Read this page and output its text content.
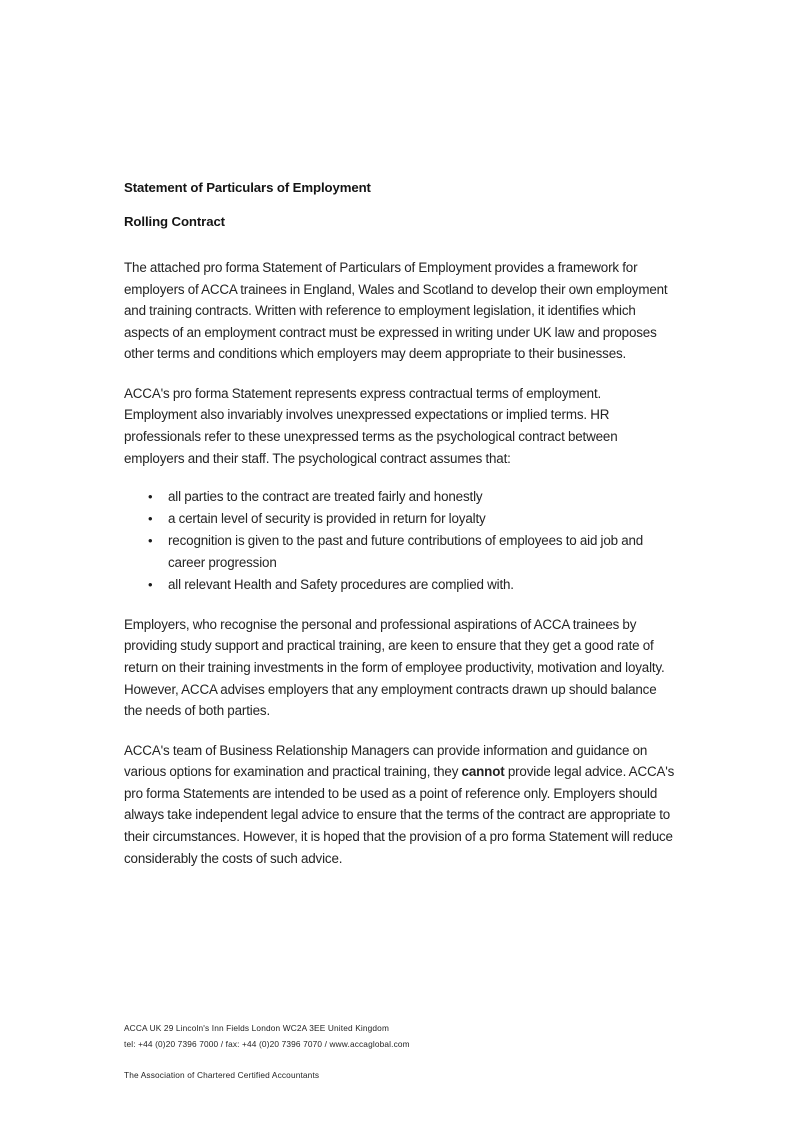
Statement of Particulars of Employment
Rolling Contract

The attached pro forma Statement of Particulars of Employment provides a framework for employers of ACCA trainees in England, Wales and Scotland to develop their own employment and training contracts. Written with reference to employment legislation, it identifies which aspects of an employment contract must be expressed in writing under UK law and proposes other terms and conditions which employers may deem appropriate to their businesses.

ACCA's pro forma Statement represents express contractual terms of employment. Employment also invariably involves unexpressed expectations or implied terms. HR professionals refer to these unexpressed terms as the psychological contract between employers and their staff. The psychological contract assumes that:

• all parties to the contract are treated fairly and honestly
• a certain level of security is provided in return for loyalty
• recognition is given to the past and future contributions of employees to aid job and career progression
• all relevant Health and Safety procedures are complied with.

Employers, who recognise the personal and professional aspirations of ACCA trainees by providing study support and practical training, are keen to ensure that they get a good rate of return on their training investments in the form of employee productivity, motivation and loyalty. However, ACCA advises employers that any employment contracts drawn up should balance the needs of both parties.

ACCA's team of Business Relationship Managers can provide information and guidance on various options for examination and practical training, they cannot provide legal advice. ACCA's pro forma Statements are intended to be used as a point of reference only. Employers should always take independent legal advice to ensure that the terms of the contract are appropriate to their circumstances. However, it is hoped that the provision of a pro forma Statement will reduce considerably the costs of such advice.

ACCA UK 29 Lincoln's Inn Fields London WC2A 3EE United Kingdom

tel: +44 (0)20 7396 7000 / fax: +44 (0)20 7396 7070 / www.accaglobal.com

The Association of Chartered Certified Accountants
